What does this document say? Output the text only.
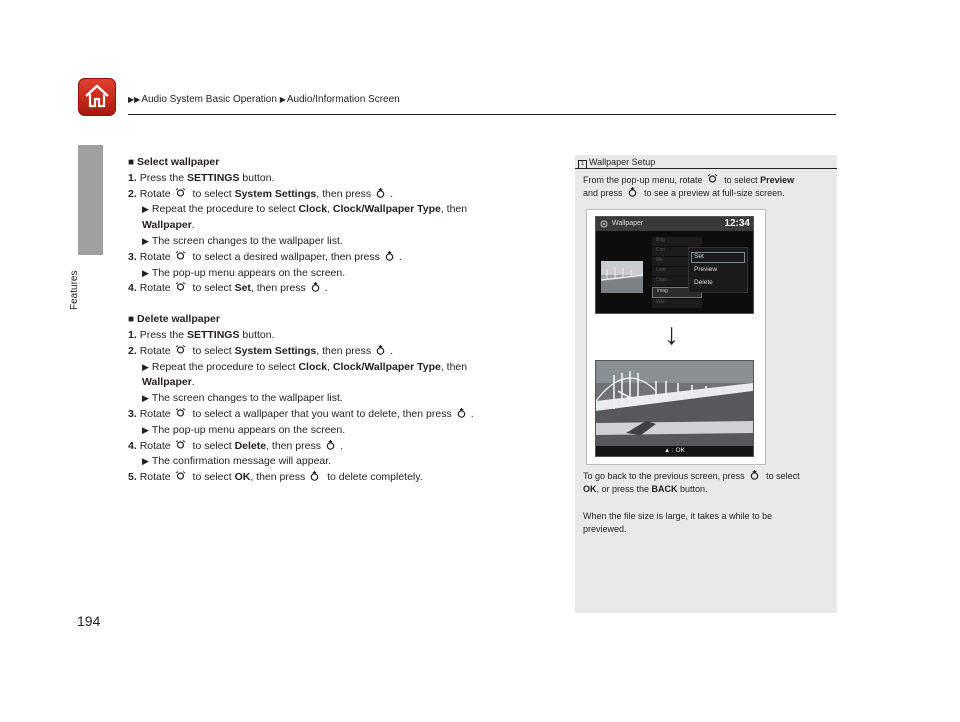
▶▶Audio System Basic Operation ▶Audio/Information Screen
Features
194
■ Select wallpaper
1. Press the SETTINGS button.
2. Rotate to select System Settings, then press .
▶ Repeat the procedure to select Clock, Clock/Wallpaper Type, then
Wallpaper.
▶ The screen changes to the wallpaper list.
3. Rotate to select a desired wallpaper, then press .
▶ The pop-up menu appears on the screen.
4. Rotate to select Set, then press .
■ Delete wallpaper
1. Press the SETTINGS button.
2. Rotate to select System Settings, then press .
▶ Repeat the procedure to select Clock, Clock/Wallpaper Type, then
Wallpaper.
▶ The screen changes to the wallpaper list.
3. Rotate to select a wallpaper that you want to delete, then press .
▶ The pop-up menu appears on the screen.
4. Rotate to select Delete, then press .
▶ The confirmation message will appear.
5. Rotate to select OK, then press to delete completely.
1 Wallpaper Setup
From the pop-up menu, rotate to select Preview
and press to see a preview at full-size screen.
Wallpaper	12:34
Brig
Con
Mo
Late
Disp
imag
Wal
Set
Preview
Delete
↓
▲ : OK
To go back to the previous screen, press to select
OK, or press the BACK button.
When the file size is large, it takes a while to be previewed.
